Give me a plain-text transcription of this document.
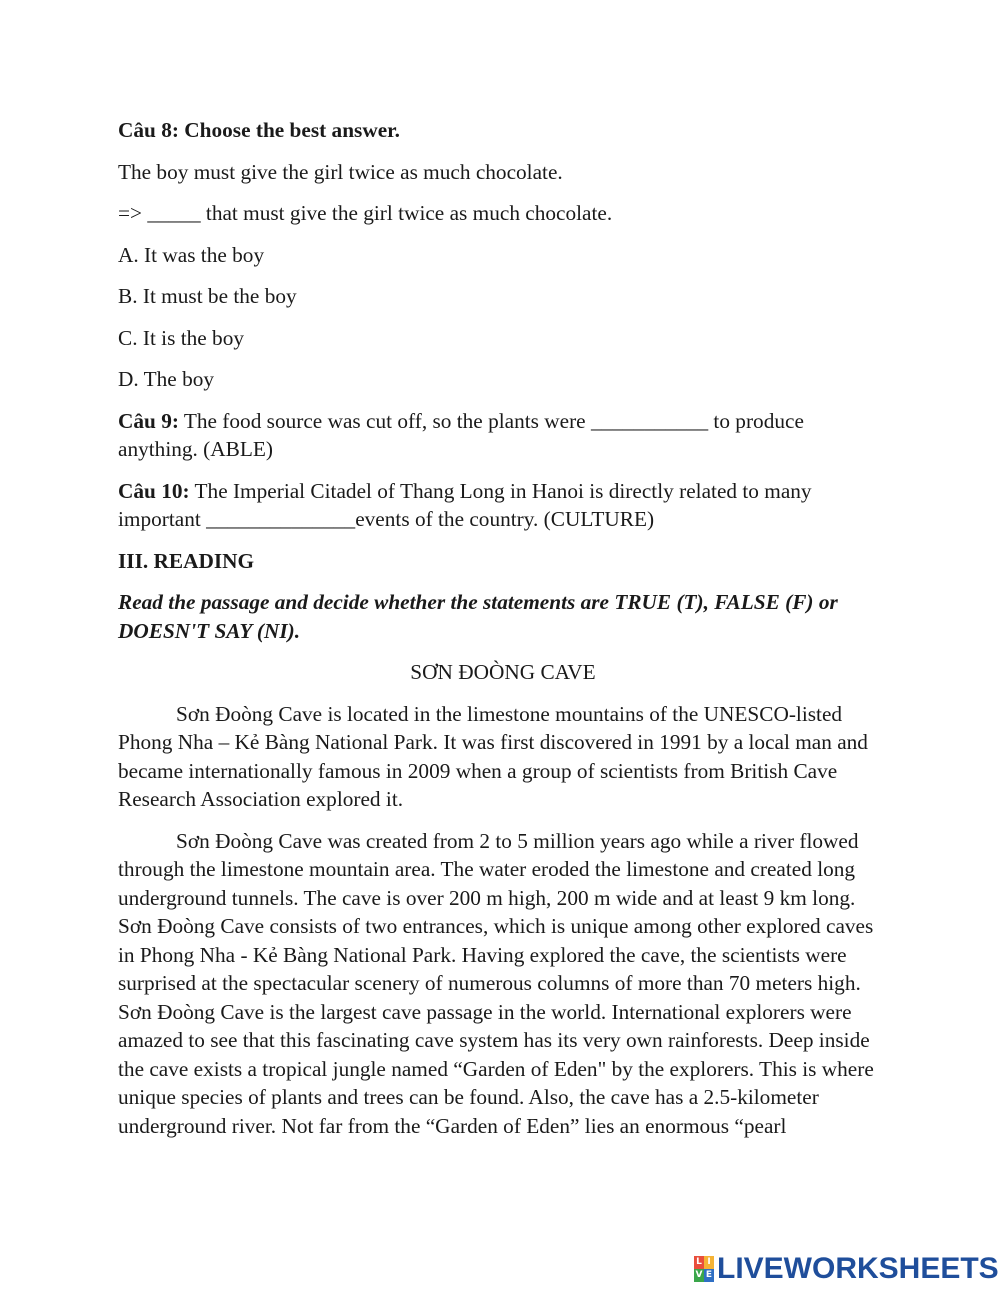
Câu 8: Choose the best answer.

The boy must give the girl twice as much chocolate.

=> _____ that must give the girl twice as much chocolate.

A. It was the boy

B. It must be the boy

C. It is the boy

D. The boy

Câu 9: The food source was cut off, so the plants were ___________ to produce anything. (ABLE)

Câu 10: The Imperial Citadel of Thang Long in Hanoi is directly related to many important ______________events of the country. (CULTURE)

III. READING

Read the passage and decide whether the statements are TRUE (T), FALSE (F) or DOESN'T SAY (NI).

SƠN ĐOÒNG CAVE

Sơn Đoòng Cave is located in the limestone mountains of the UNESCO-listed Phong Nha – Kẻ Bàng National Park. It was first discovered in 1991 by a local man and became internationally famous in 2009 when a group of scientists from British Cave Research Association explored it.

Sơn Đoòng Cave was created from 2 to 5 million years ago while a river flowed through the limestone mountain area. The water eroded the limestone and created long underground tunnels. The cave is over 200 m high, 200 m wide and at least 9 km long. Sơn Đoòng Cave consists of two entrances, which is unique among other explored caves in Phong Nha - Kẻ Bàng National Park. Having explored the cave, the scientists were surprised at the spectacular scenery of numerous columns of more than 70 meters high. Sơn Đoòng Cave is the largest cave passage in the world. International explorers were amazed to see that this fascinating cave system has its very own rainforests. Deep inside the cave exists a tropical jungle named “Garden of Eden" by the explorers. This is where unique species of plants and trees can be found. Also, the cave has a 2.5-kilometer underground river. Not far from the “Garden of Eden” lies an enormous “pearl

L I
V E LIVEWORKSHEETS
